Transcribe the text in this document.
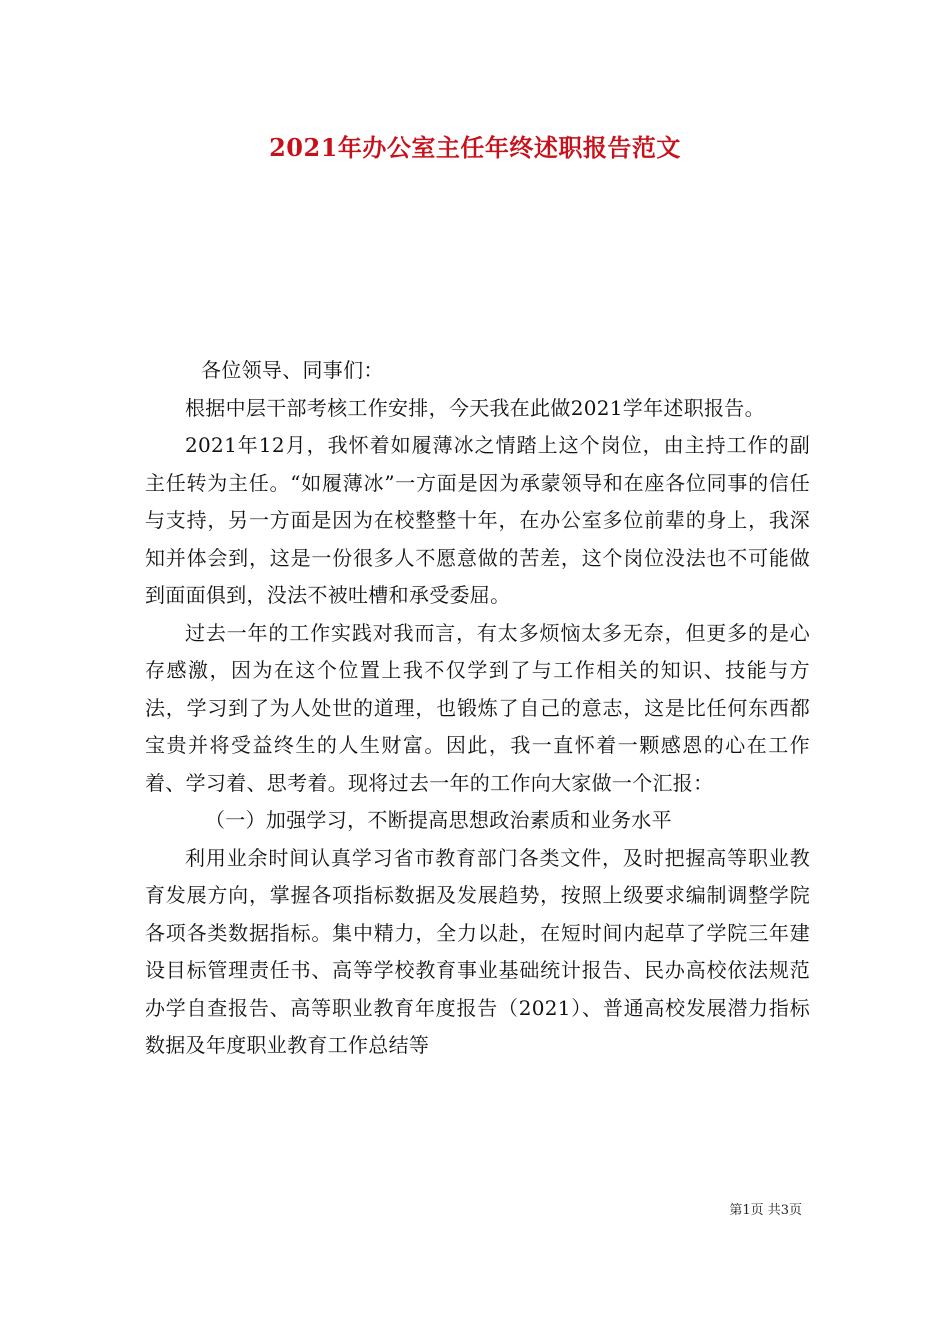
2021年办公室主任年终述职报告范文

各位领导、同事们：

根据中层干部考核工作安排，今天我在此做2021学年述职报告。

2021年12月，我怀着如履薄冰之情踏上这个岗位，由主持工作的副主任转为主任。“如履薄冰”一方面是因为承蒙领导和在座各位同事的信任与支持，另一方面是因为在校整整十年，在办公室多位前辈的身上，我深知并体会到，这是一份很多人不愿意做的苦差，这个岗位没法也不可能做到面面俱到，没法不被吐槽和承受委屈。

过去一年的工作实践对我而言，有太多烦恼太多无奈，但更多的是心存感激，因为在这个位置上我不仅学到了与工作相关的知识、技能与方法，学习到了为人处世的道理，也锻炼了自己的意志，这是比任何东西都宝贵并将受益终生的人生财富。因此，我一直怀着一颗感恩的心在工作着、学习着、思考着。现将过去一年的工作向大家做一个汇报：

（一）加强学习，不断提高思想政治素质和业务水平

利用业余时间认真学习省市教育部门各类文件，及时把握高等职业教育发展方向，掌握各项指标数据及发展趋势，按照上级要求编制调整学院各项各类数据指标。集中精力，全力以赴，在短时间内起草了学院三年建设目标管理责任书、高等学校教育事业基础统计报告、民办高校依法规范办学自查报告、高等职业教育年度报告（2021）、普通高校发展潜力指标数据及年度职业教育工作总结等

第1页 共3页
